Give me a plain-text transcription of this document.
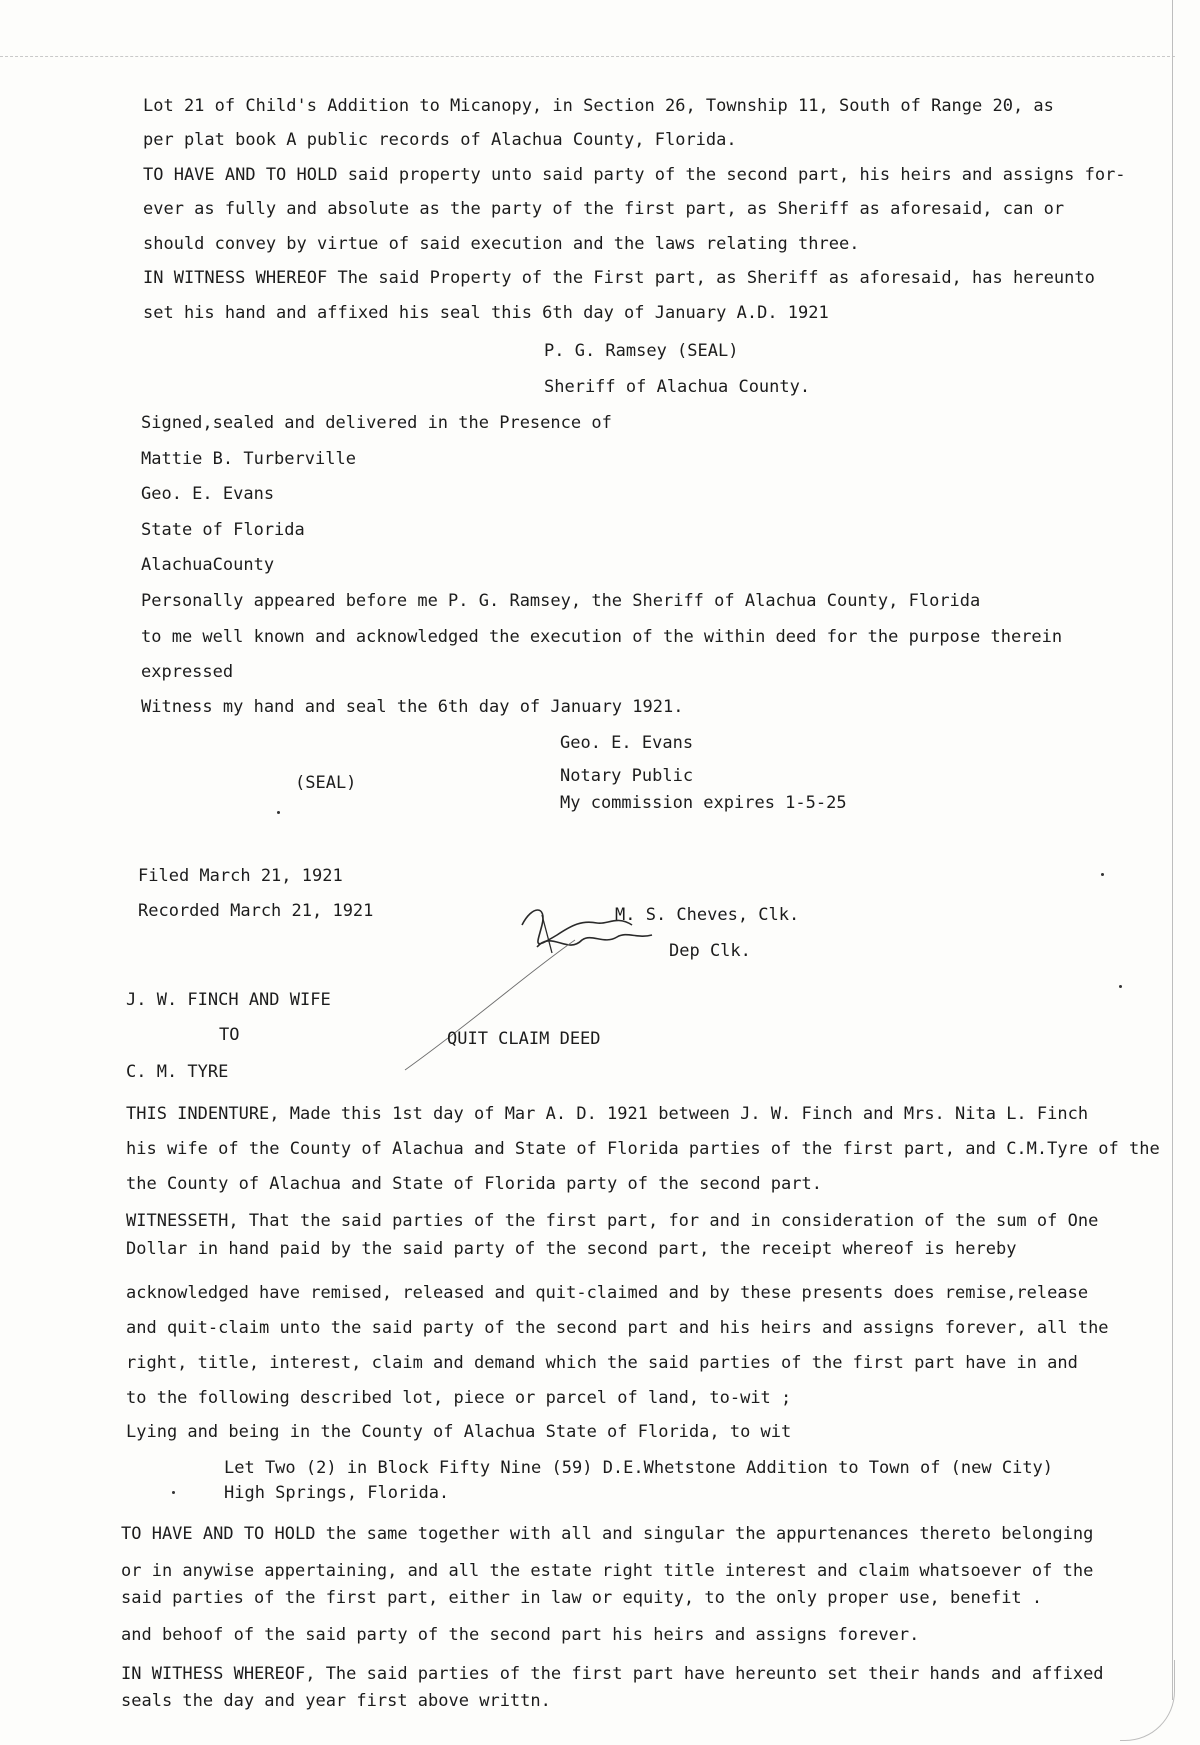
Lot 21 of Child's Addition to Micanopy, in Section 26, Township 11, South of Range 20, as
per plat book A public records of Alachua County, Florida.
TO HAVE AND TO HOLD said property unto said party of the second part, his heirs and assigns for-
ever as fully and absolute as the party of the first part, as Sheriff as aforesaid, can or
should convey by virtue of said execution and the laws relating three.
IN WITNESS WHEREOF The said Property of the First part, as Sheriff as aforesaid, has hereunto
set his hand and affixed his seal this 6th day of January A.D. 1921
P. G. Ramsey (SEAL)
Sheriff of Alachua County.
Signed,sealed and delivered in the Presence of
Mattie B. Turberville
Geo. E. Evans
State of Florida
AlachuaCounty
Personally appeared before me P. G. Ramsey, the Sheriff of Alachua County, Florida
to me well known and acknowledged the execution of the within deed for the purpose therein
expressed
Witness my hand and seal the 6th day of January 1921.
Geo. E. Evans
Notary Public
My commission expires 1-5-25
(SEAL)
Filed March 21, 1921
Recorded March 21, 1921	M. S. Cheves, Clk.
Dep Clk.
J. W. FINCH AND WIFE
TO	QUIT CLAIM DEED
C. M. TYRE
THIS INDENTURE, Made this 1st day of Mar A. D. 1921 between J. W. Finch and Mrs. Nita L. Finch
his wife of the County of Alachua and State of Florida parties of the first part, and C.M.Tyre of the
the County of Alachua and State of Florida party of the second part.
WITNESSETH, That the said parties of the first part, for and in consideration of the sum of One
Dollar in hand paid by the said party of the second part, the receipt whereof is hereby
acknowledged have remised, released and quit-claimed and by these presents does remise,release
and quit-claim unto the said party of the second part and his heirs and assigns forever, all the
right, title, interest, claim and demand which the said parties of the first part have in and
to the following described lot, piece or parcel of land, to-wit ;
Lying and being in the County of Alachua State of Florida, to wit
Let Two (2) in Block Fifty Nine (59) D.E.Whetstone Addition to Town of (new City)
High Springs, Florida.
TO HAVE AND TO HOLD the same together with all and singular the appurtenances thereto belonging
or in anywise appertaining, and all the estate right title interest and claim whatsoever of the
said parties of the first part, either in law or equity, to the only proper use, benefit .
and behoof of the said party of the second part his heirs and assigns forever.
IN WITHESS WHEREOF, The said parties of the first part have hereunto set their hands and affixed
seals the day and year first above writtn.
